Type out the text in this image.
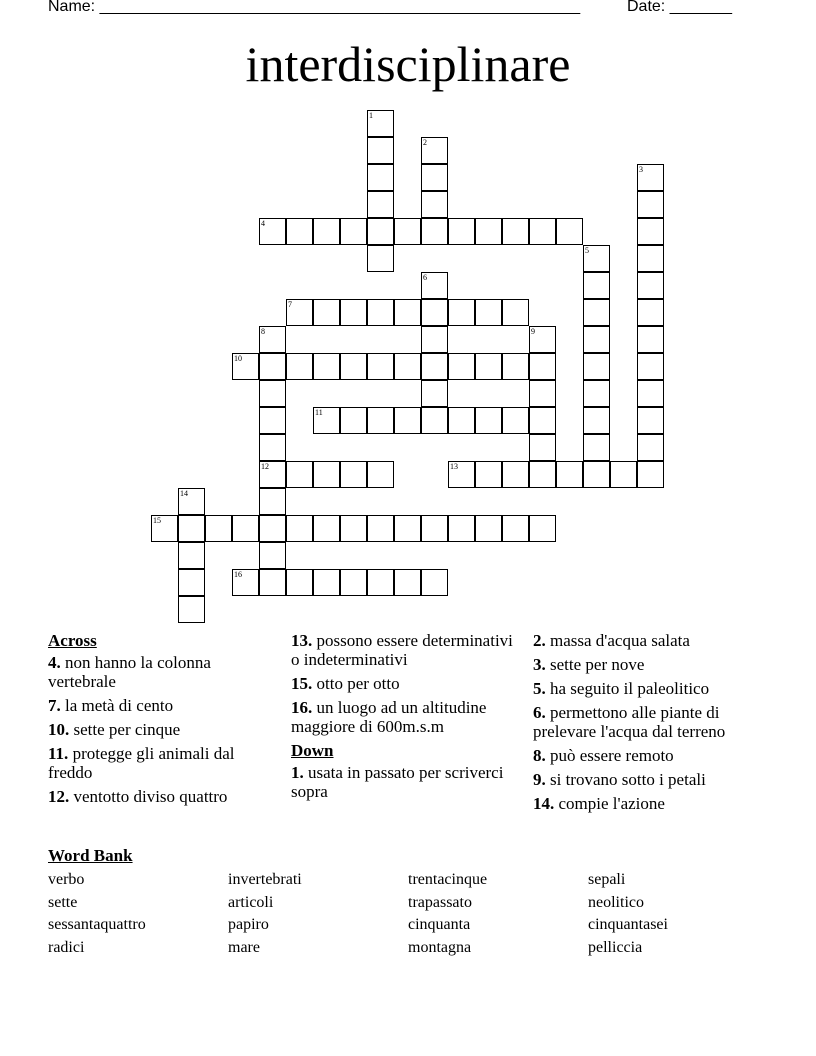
Name: ______________________________________________________	Date: _______
interdisciplinare
1
2
3
4
5
6
7
8
12
9
10
11
13
14
15
16
Across
4. non hanno la colonna vertebrale
7. la metà di cento
10. sette per cinque
11. protegge gli animali dal freddo
12. ventotto diviso quattro
13. possono essere determinativi o indeterminativi
15. otto per otto
16. un luogo ad un altitudine maggiore di 600m.s.m
Down
1. usata in passato per scriverci sopra
2. massa d'acqua salata
3. sette per nove
5. ha seguito il paleolitico
6. permettono alle piante di prelevare l'acqua dal terreno
8. può essere remoto
9. si trovano sotto i petali
14. compie l'azione
Word Bank
verbo
sette
sessantaquattro
radici
invertebrati
articoli
papiro
mare
trentacinque
trapassato
cinquanta
montagna
sepali
neolitico
cinquantasei
pelliccia
